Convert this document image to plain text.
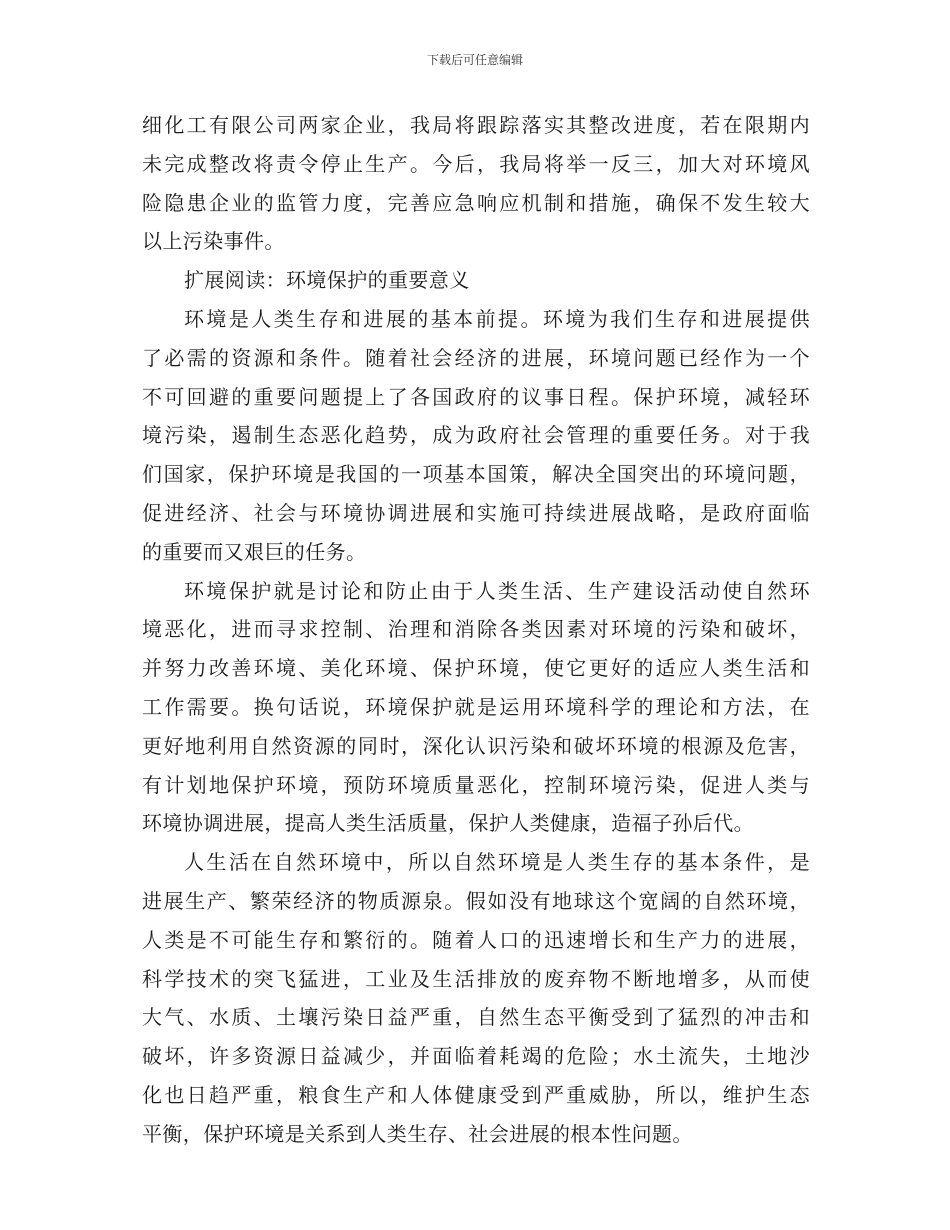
下载后可任意编辑
细化工有限公司两家企业，我局将跟踪落实其整改进度，若在限期内
未完成整改将责令停止生产。今后，我局将举一反三，加大对环境风
险隐患企业的监管力度，完善应急响应机制和措施，确保不发生较大
以上污染事件。
扩展阅读：环境保护的重要意义
环境是人类生存和进展的基本前提。环境为我们生存和进展提供
了必需的资源和条件。随着社会经济的进展，环境问题已经作为一个
不可回避的重要问题提上了各国政府的议事日程。保护环境，减轻环
境污染，遏制生态恶化趋势，成为政府社会管理的重要任务。对于我
们国家，保护环境是我国的一项基本国策，解决全国突出的环境问题，
促进经济、社会与环境协调进展和实施可持续进展战略，是政府面临
的重要而又艰巨的任务。
环境保护就是讨论和防止由于人类生活、生产建设活动使自然环
境恶化，进而寻求控制、治理和消除各类因素对环境的污染和破坏，
并努力改善环境、美化环境、保护环境，使它更好的适应人类生活和
工作需要。换句话说，环境保护就是运用环境科学的理论和方法，在
更好地利用自然资源的同时，深化认识污染和破坏环境的根源及危害，
有计划地保护环境，预防环境质量恶化，控制环境污染，促进人类与
环境协调进展，提高人类生活质量，保护人类健康，造福子孙后代。
人生活在自然环境中，所以自然环境是人类生存的基本条件，是
进展生产、繁荣经济的物质源泉。假如没有地球这个宽阔的自然环境，
人类是不可能生存和繁衍的。随着人口的迅速增长和生产力的进展，
科学技术的突飞猛进，工业及生活排放的废弃物不断地增多，从而使
大气、水质、土壤污染日益严重，自然生态平衡受到了猛烈的冲击和
破坏，许多资源日益减少，并面临着耗竭的危险；水土流失，土地沙
化也日趋严重，粮食生产和人体健康受到严重威胁，所以，维护生态
平衡，保护环境是关系到人类生存、社会进展的根本性问题。
